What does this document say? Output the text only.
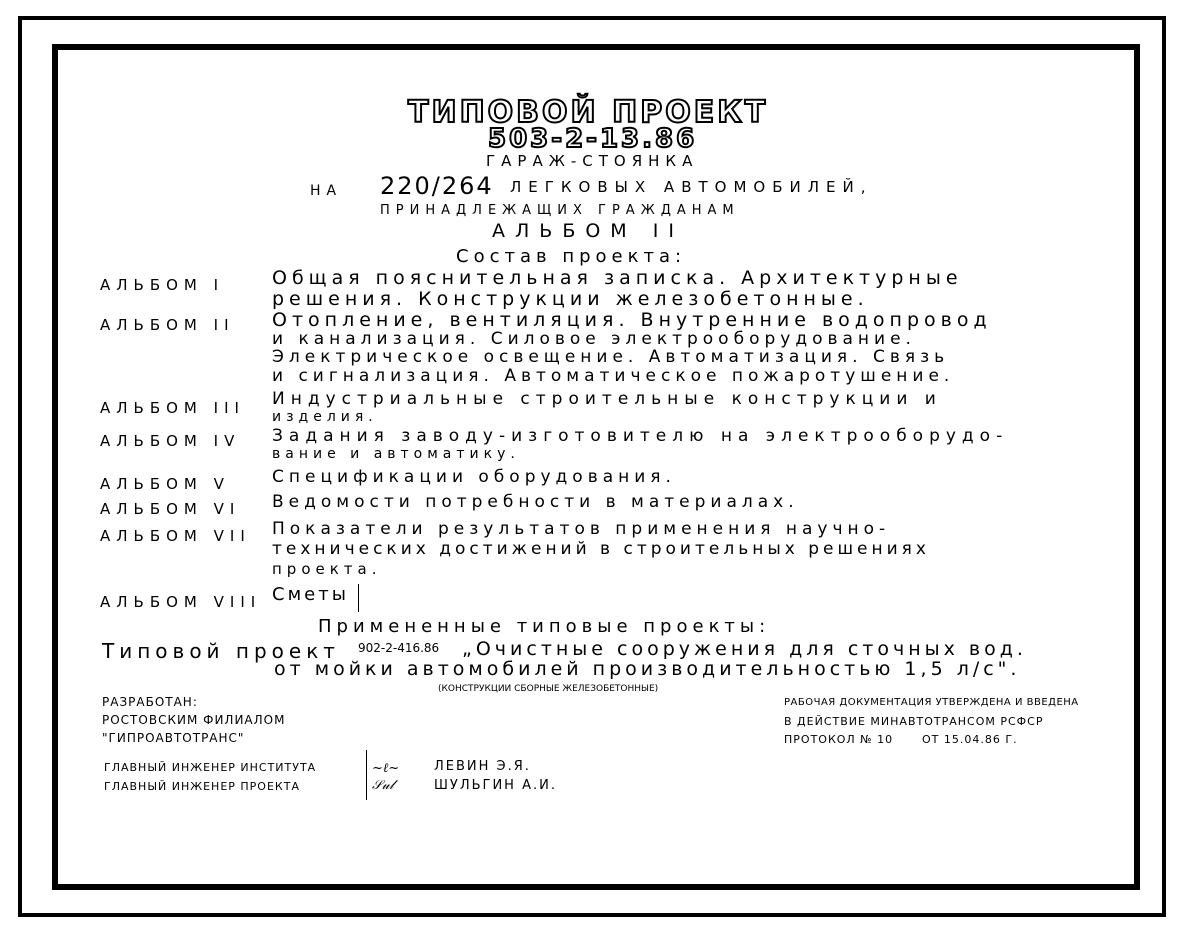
ТИПОВОЙ ПРОЕКТ
503-2-13.86
ГАРАЖ-СТОЯНКА
НА 220/264 ЛЕГКОВЫХ АВТОМОБИЛЕЙ,
ПРИНАДЛЕЖАЩИХ ГРАЖДАНАМ
АЛЬБОМ II
Состав проекта:
АЛЬБОМ I	Общая пояснительная записка. Архитектурные
решения. Конструкции железобетонные.
АЛЬБОМ II Отопление, вентиляция. Внутренние водопровод
и канализация. Силовое электрооборудование.
Электрическое освещение. Автоматизация. Связь
и сигнализация. Автоматическое пожаротушение.
АЛЬБОМ III Индустриальные строительные конструкции и
изделия.
АЛЬБОМ IV Задания заводу-изготовителю на электрооборудо-
вание и автоматику.
АЛЬБОМ V Спецификации оборудования.
АЛЬБОМ VI Ведомости потребности в материалах.
АЛЬБОМ VII Показатели результатов применения научно-
технических достижений в строительных решениях
проекта.
АЛЬБОМ VIII Сметы
Примененные типовые проекты:
Типовой проект 902-2-416.86 „Очистные сооружения для сточных вод.
от мойки автомобилей производительностью 1,5 л/с".
(КОНСТРУКЦИИ СБОРНЫЕ ЖЕЛЕЗОБЕТОННЫЕ)
РАЗРАБОТАН:
РОСТОВСКИМ ФИЛИАЛОМ
"ГИПРОАВТОТРАНС"
РАБОЧАЯ ДОКУМЕНТАЦИЯ УТВЕРЖДЕНА И ВВЕДЕНА
В ДЕЙСТВИЕ МИНАВТОТРАНСОМ РСФСР
ПРОТОКОЛ № 10	ОТ 15.04.86 Г.
ГЛАВНЫЙ ИНЖЕНЕР ИНСТИТУТА	~ℓ~	ЛЕВИН Э.Я.
ГЛАВНЫЙ ИНЖЕНЕР ПРОЕКТА	𝒮𝓊𝓁	ШУЛЬГИН А.И.
